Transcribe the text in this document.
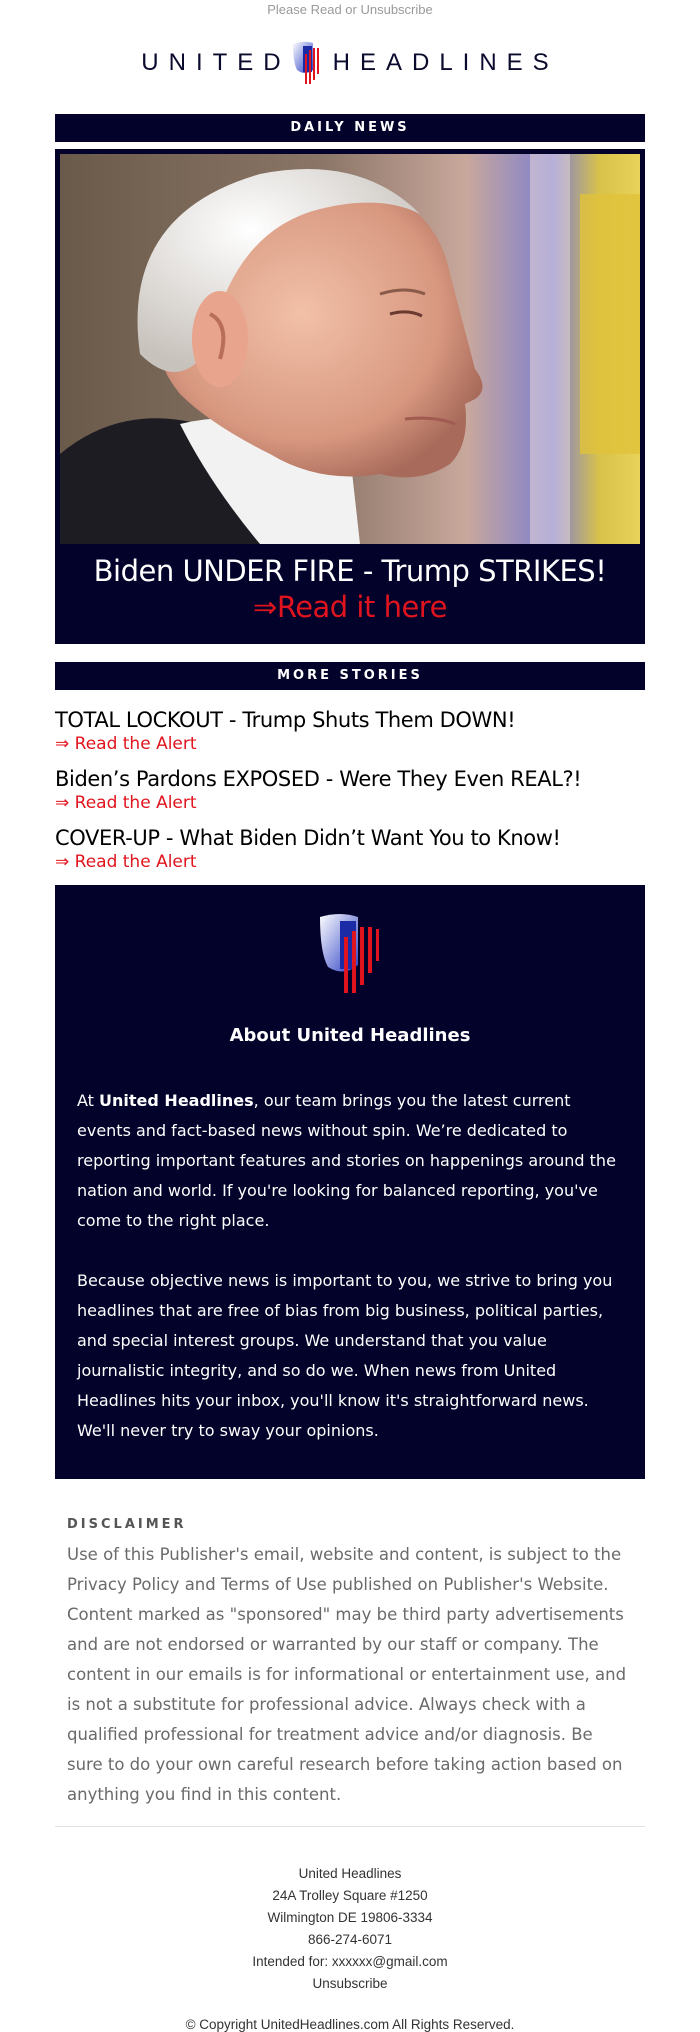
Please Read or Unsubscribe
UNITED HEADLINES
DAILY NEWS
Biden UNDER FIRE - Trump STRIKES!
⇒Read it here
MORE STORIES
TOTAL LOCKOUT - Trump Shuts Them DOWN!
⇒ Read the Alert
Biden’s Pardons EXPOSED - Were They Even REAL?!
⇒ Read the Alert
COVER-UP - What Biden Didn’t Want You to Know!
⇒ Read the Alert
About United Headlines

At United Headlines, our team brings you the latest current events and fact-based news without spin. We’re dedicated to reporting important features and stories on happenings around the nation and world. If you're looking for balanced reporting, you've come to the right place.

Because objective news is important to you, we strive to bring you headlines that are free of bias from big business, political parties, and special interest groups. We understand that you value journalistic integrity, and so do we. When news from United Headlines hits your inbox, you'll know it's straightforward news. We'll never try to sway your opinions.

DISCLAIMER
Use of this Publisher's email, website and content, is subject to the Privacy Policy and Terms of Use published on Publisher's Website. Content marked as "sponsored" may be third party advertisements and are not endorsed or warranted by our staff or company. The content in our emails is for informational or entertainment use, and is not a substitute for professional advice. Always check with a qualified professional for treatment advice and/or diagnosis. Be sure to do your own careful research before taking action based on anything you find in this content.
United Headlines
24A Trolley Square #1250
Wilmington DE 19806-3334
866-274-6071
Intended for: xxxxxx@gmail.com
Unsubscribe
© Copyright UnitedHeadlines.com All Rights Reserved.
